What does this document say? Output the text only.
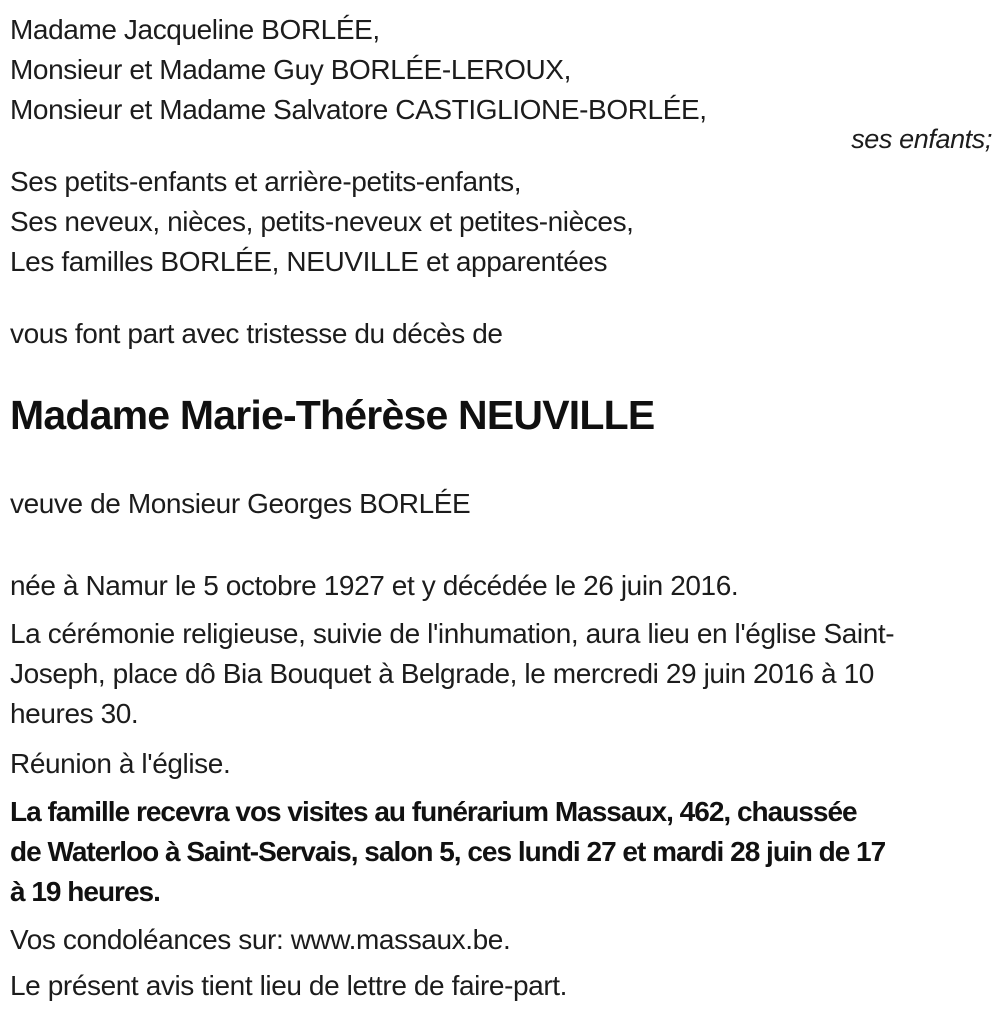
Madame Jacqueline BORLÉE,
Monsieur et Madame Guy BORLÉE-LEROUX,
Monsieur et Madame Salvatore CASTIGLIONE-BORLÉE,
ses enfants;
Ses petits-enfants et arrière-petits-enfants,
Ses neveux, nièces, petits-neveux et petites-nièces,
Les familles BORLÉE, NEUVILLE et apparentées
vous font part avec tristesse du décès de
Madame Marie-Thérèse NEUVILLE
veuve de Monsieur Georges BORLÉE
née à Namur le 5 octobre 1927 et y décédée le 26 juin 2016.
La cérémonie religieuse, suivie de l'inhumation, aura lieu en l'église Saint-
Joseph, place dô Bia Bouquet à Belgrade, le mercredi 29 juin 2016 à 10
heures 30.
Réunion à l'église.
La famille recevra vos visites au funérarium Massaux, 462, chaussée
de Waterloo à Saint-Servais, salon 5, ces lundi 27 et mardi 28 juin de 17
à 19 heures.
Vos condoléances sur: www.massaux.be.
Le présent avis tient lieu de lettre de faire-part.
